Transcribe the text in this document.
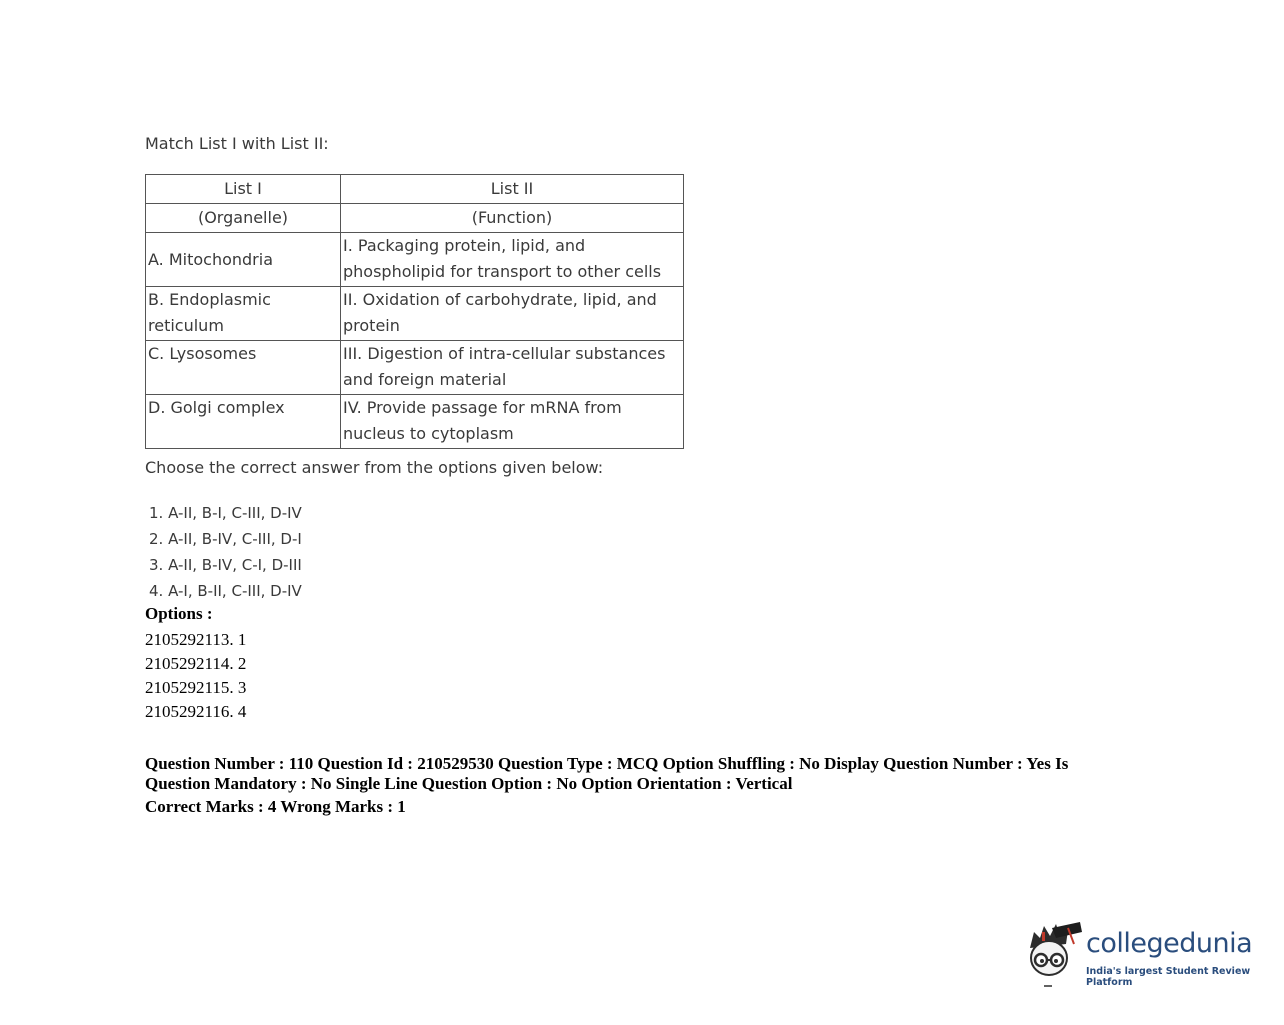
Match List I with List II:
List I	List II
(Organelle)	(Function)
A. Mitochondria	I. Packaging protein, lipid, and phospholipid for transport to other cells
B. Endoplasmic reticulum	II. Oxidation of carbohydrate, lipid, and protein
C. Lysosomes	III. Digestion of intra-cellular substances and foreign material
D. Golgi complex	IV. Provide passage for mRNA from nucleus to cytoplasm
Choose the correct answer from the options given below:
1. A-II, B-I, C-III, D-IV
2. A-II, B-IV, C-III, D-I
3. A-II, B-IV, C-I, D-III
4. A-I, B-II, C-III, D-IV
Options :
2105292113. 1
2105292114. 2
2105292115. 3
2105292116. 4
Question Number : 110 Question Id : 210529530 Question Type : MCQ Option Shuffling : No Display Question Number : Yes Is Question Mandatory : No Single Line Question Option : No Option Orientation : Vertical
Correct Marks : 4 Wrong Marks : 1
collegedunia
India's largest Student Review Platform
